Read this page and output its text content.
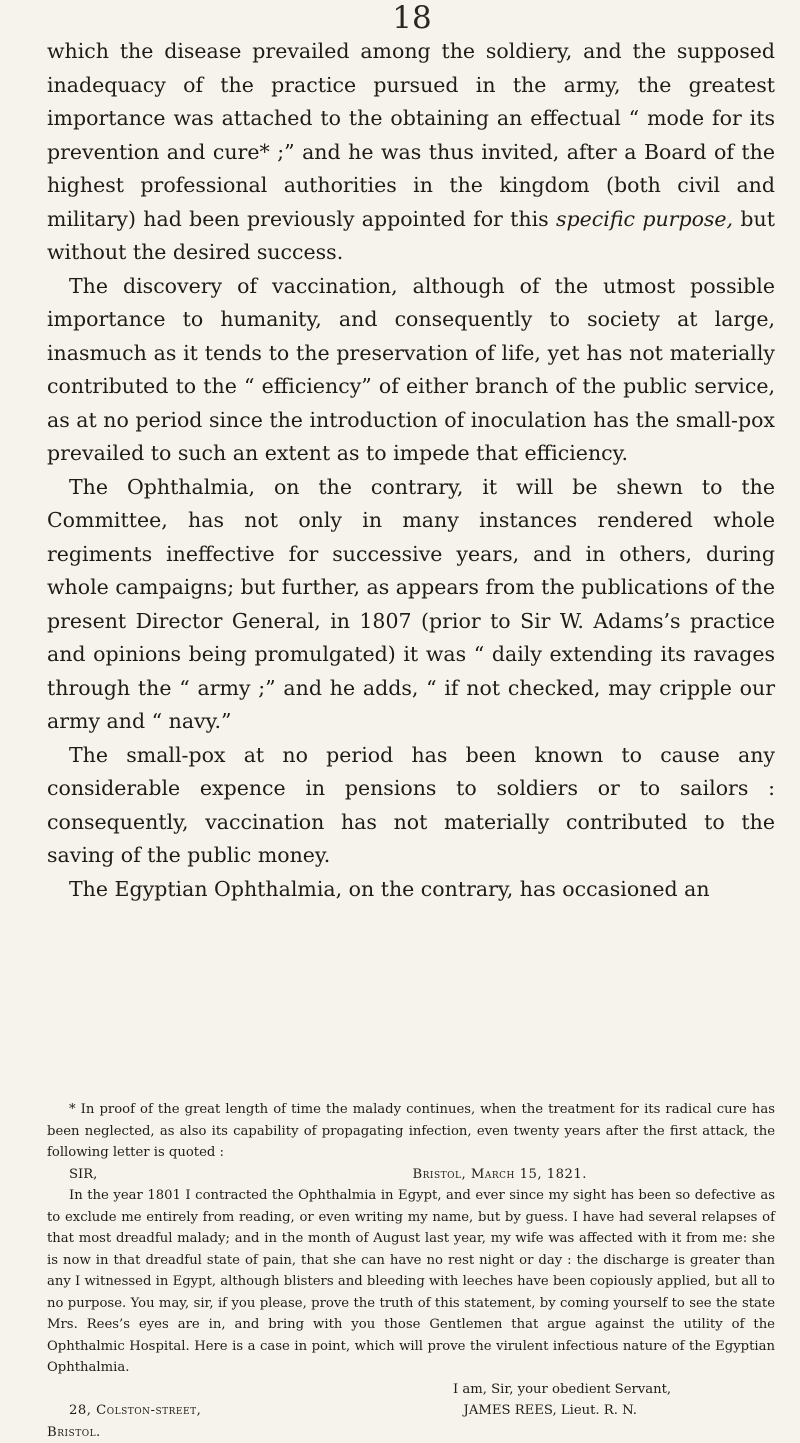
18

which the disease prevailed among the soldiery, and the supposed inadequacy of the practice pursued in the army, the greatest importance was attached to the obtaining an effectual “ mode for its prevention and cure* ;” and he was thus invited, after a Board of the highest professional authorities in the kingdom (both civil and military) had been previously appointed for this specific purpose, but without the desired success.

The discovery of vaccination, although of the utmost possible importance to humanity, and consequently to society at large, inasmuch as it tends to the preservation of life, yet has not materially contributed to the “ efficiency” of either branch of the public service, as at no period since the introduction of inoculation has the small-pox prevailed to such an extent as to impede that efficiency.

The Ophthalmia, on the contrary, it will be shewn to the Committee, has not only in many instances rendered whole regiments ineffective for successive years, and in others, during whole campaigns; but further, as appears from the publications of the present Director General, in 1807 (prior to Sir W. Adams’s practice and opinions being promulgated) it was “ daily extending its ravages through the “ army ;” and he adds, “ if not checked, may cripple our army and “ navy.”

The small-pox at no period has been known to cause any considerable expence in pensions to soldiers or to sailors : consequently, vaccination has not materially contributed to the saving of the public money.

The Egyptian Ophthalmia, on the contrary, has occasioned an

* In proof of the great length of time the malady continues, when the treatment for its radical cure has been neglected, as also its capability of propagating infection, even twenty years after the first attack, the following letter is quoted :

SIR,	Bristol, March 15, 1821.

In the year 1801 I contracted the Ophthalmia in Egypt, and ever since my sight has been so defective as to exclude me entirely from reading, or even writing my name, but by guess. I have had several relapses of that most dreadful malady; and in the month of August last year, my wife was affected with it from me: she is now in that dreadful state of pain, that she can have no rest night or day : the discharge is greater than any I witnessed in Egypt, although blisters and bleeding with leeches have been copiously applied, but all to no purpose. You may, sir, if you please, prove the truth of this statement, by coming yourself to see the state Mrs. Rees’s eyes are in, and bring with you those Gentlemen that argue against the utility of the Ophthalmic Hospital. Here is a case in point, which will prove the virulent infectious nature of the Egyptian Ophthalmia.

I am, Sir, your obedient Servant,
28, Colston-street,	JAMES REES, Lieut. R. N.
Bristol.
